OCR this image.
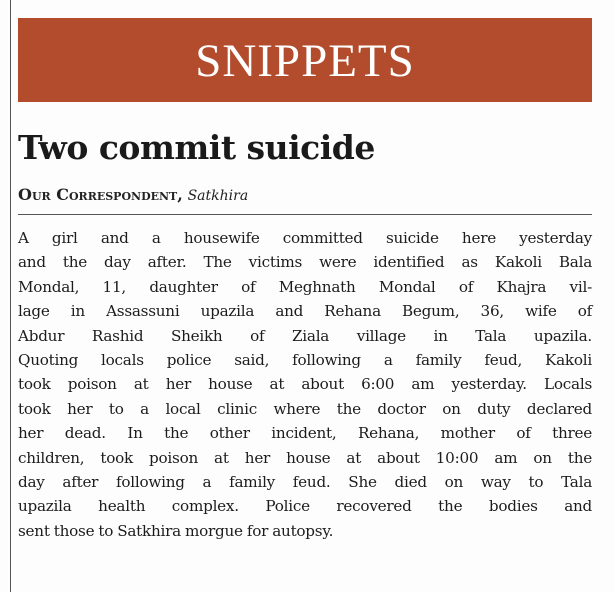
SNIPPETS
Two commit suicide
Our Correspondent, Satkhira
A girl and a housewife committed suicide here yesterday
and the day after. The victims were identified as Kakoli Bala
Mondal, 11, daughter of Meghnath Mondal of Khajra vil-
lage in Assassuni upazila and Rehana Begum, 36, wife of
Abdur Rashid Sheikh of Ziala village in Tala upazila.
Quoting locals police said, following a family feud, Kakoli
took poison at her house at about 6:00 am yesterday. Locals
took her to a local clinic where the doctor on duty declared
her dead. In the other incident, Rehana, mother of three
children, took poison at her house at about 10:00 am on the
day after following a family feud. She died on way to Tala
upazila health complex. Police recovered the bodies and
sent those to Satkhira morgue for autopsy.
